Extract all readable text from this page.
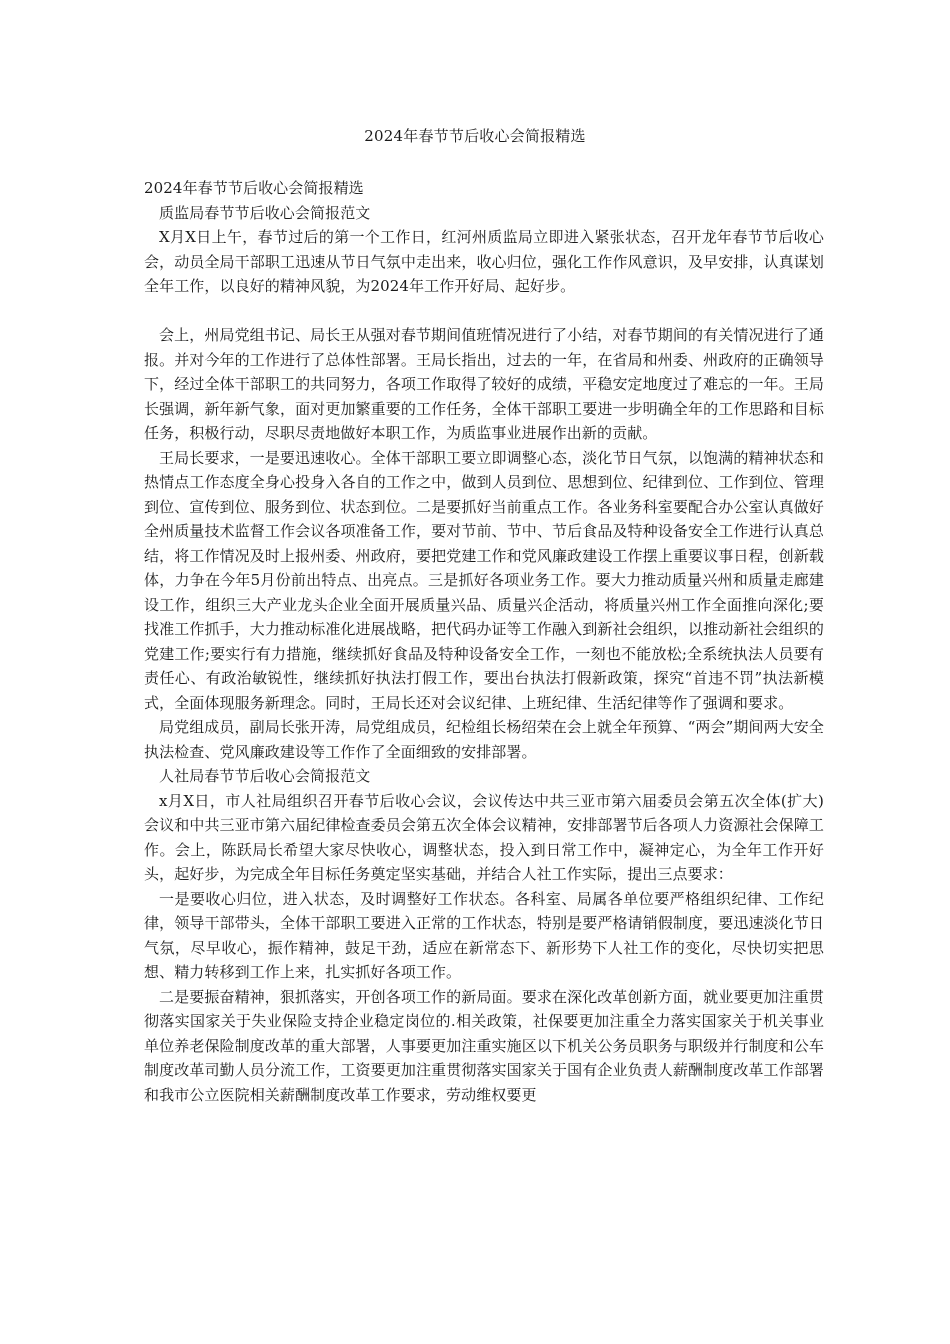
2024年春节节后收心会简报精选

2024年春节节后收心会简报精选

质监局春节节后收心会简报范文

X月X日上午，春节过后的第一个工作日，红河州质监局立即进入紧张状态，召开龙年春节节后收心会，动员全局干部职工迅速从节日气氛中走出来，收心归位，强化工作作风意识，及早安排，认真谋划全年工作，以良好的精神风貌，为2024年工作开好局、起好步。

会上，州局党组书记、局长王从强对春节期间值班情况进行了小结，对春节期间的有关情况进行了通报。并对今年的工作进行了总体性部署。王局长指出，过去的一年，在省局和州委、州政府的正确领导下，经过全体干部职工的共同努力，各项工作取得了较好的成绩，平稳安定地度过了难忘的一年。王局长强调，新年新气象，面对更加繁重要的工作任务，全体干部职工要进一步明确全年的工作思路和目标任务，积极行动，尽职尽责地做好本职工作，为质监事业进展作出新的贡献。

王局长要求，一是要迅速收心。全体干部职工要立即调整心态，淡化节日气氛，以饱满的精神状态和热情点工作态度全身心投身入各自的工作之中，做到人员到位、思想到位、纪律到位、工作到位、管理到位、宣传到位、服务到位、状态到位。二是要抓好当前重点工作。各业务科室要配合办公室认真做好全州质量技术监督工作会议各项准备工作，要对节前、节中、节后食品及特种设备安全工作进行认真总结，将工作情况及时上报州委、州政府，要把党建工作和党风廉政建设工作摆上重要议事日程，创新载体，力争在今年5月份前出特点、出亮点。三是抓好各项业务工作。要大力推动质量兴州和质量走廊建设工作，组织三大产业龙头企业全面开展质量兴品、质量兴企活动，将质量兴州工作全面推向深化;要找准工作抓手，大力推动标准化进展战略，把代码办证等工作融入到新社会组织，以推动新社会组织的党建工作;要实行有力措施，继续抓好食品及特种设备安全工作，一刻也不能放松;全系统执法人员要有责任心、有政治敏锐性，继续抓好执法打假工作，要出台执法打假新政策，探究“首违不罚”执法新模式，全面体现服务新理念。同时，王局长还对会议纪律、上班纪律、生活纪律等作了强调和要求。

局党组成员，副局长张开涛，局党组成员，纪检组长杨绍荣在会上就全年预算、“两会”期间两大安全执法检查、党风廉政建设等工作作了全面细致的安排部署。

人社局春节节后收心会简报范文

x月X日，市人社局组织召开春节后收心会议，会议传达中共三亚市第六届委员会第五次全体(扩大)会议和中共三亚市第六届纪律检查委员会第五次全体会议精神，安排部署节后各项人力资源社会保障工作。会上，陈跃局长希望大家尽快收心，调整状态，投入到日常工作中，凝神定心，为全年工作开好头，起好步，为完成全年目标任务奠定坚实基础，并结合人社工作实际，提出三点要求：

一是要收心归位，进入状态，及时调整好工作状态。各科室、局属各单位要严格组织纪律、工作纪律，领导干部带头，全体干部职工要进入正常的工作状态，特别是要严格请销假制度，要迅速淡化节日气氛，尽早收心，振作精神，鼓足干劲，适应在新常态下、新形势下人社工作的变化，尽快切实把思想、精力转移到工作上来，扎实抓好各项工作。

二是要振奋精神，狠抓落实，开创各项工作的新局面。要求在深化改革创新方面，就业要更加注重贯彻落实国家关于失业保险支持企业稳定岗位的.相关政策，社保要更加注重全力落实国家关于机关事业单位养老保险制度改革的重大部署，人事要更加注重实施区以下机关公务员职务与职级并行制度和公车制度改革司勤人员分流工作，工资要更加注重贯彻落实国家关于国有企业负责人薪酬制度改革工作部署和我市公立医院相关薪酬制度改革工作要求，劳动维权要更
